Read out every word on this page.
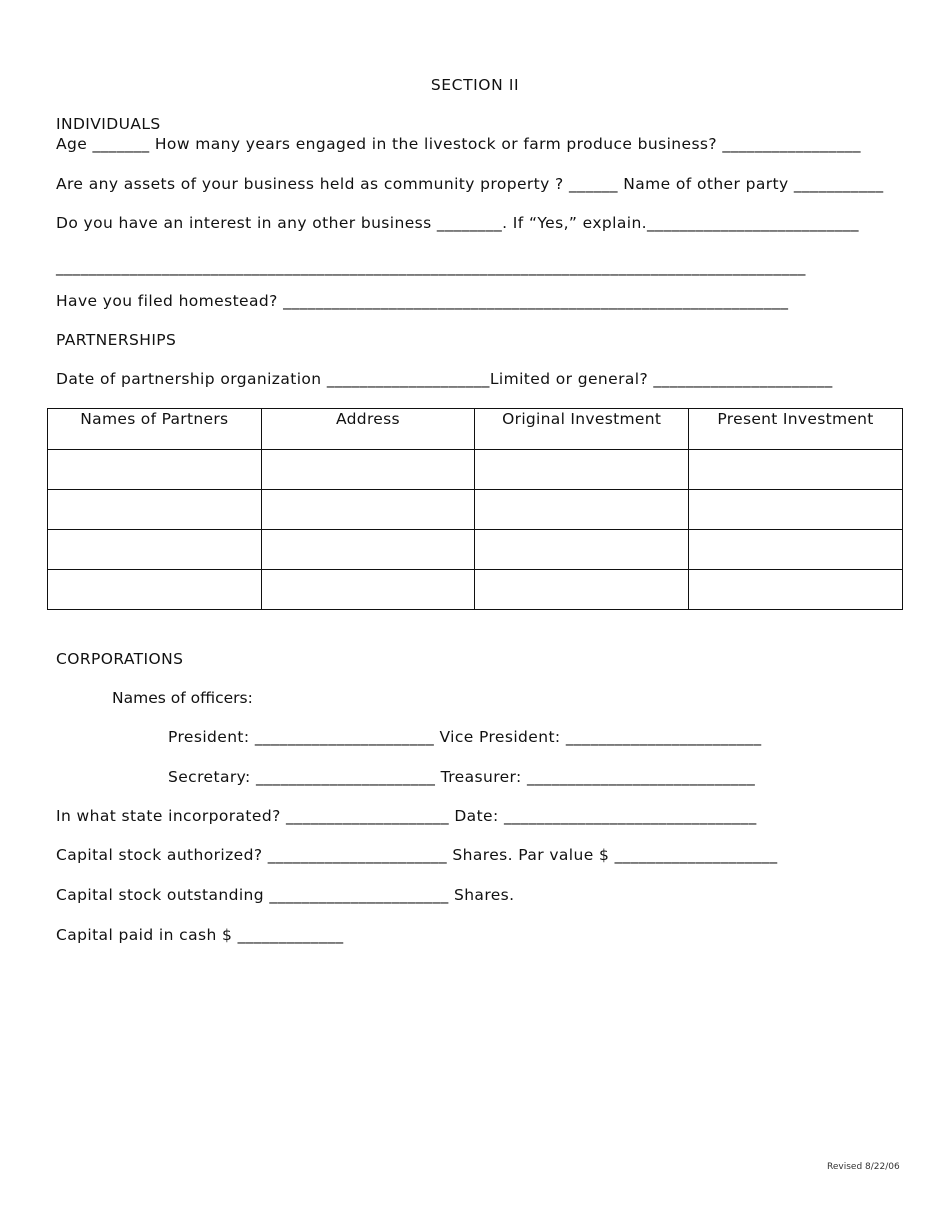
SECTION II
INDIVIDUALS
Age _______ How many years engaged in the livestock or farm produce business? _________________
Are any assets of your business held as community property ? ______ Name of other party ___________
Do you have an interest in any other business ________. If “Yes,” explain.__________________________
____________________________________________________________________________________________
Have you filed homestead? ______________________________________________________________
PARTNERSHIPS
Date of partnership organization ____________________Limited or general? ______________________
Names of Partners	Address	Original Investment	Present Investment

CORPORATIONS
Names of officers:
President: ______________________ Vice President: ________________________
Secretary: ______________________ Treasurer: ____________________________
In what state incorporated? ____________________ Date: _______________________________
Capital stock authorized? ______________________ Shares. Par value $ ____________________
Capital stock outstanding ______________________ Shares.
Capital paid in cash $ _____________
Revised 8/22/06
